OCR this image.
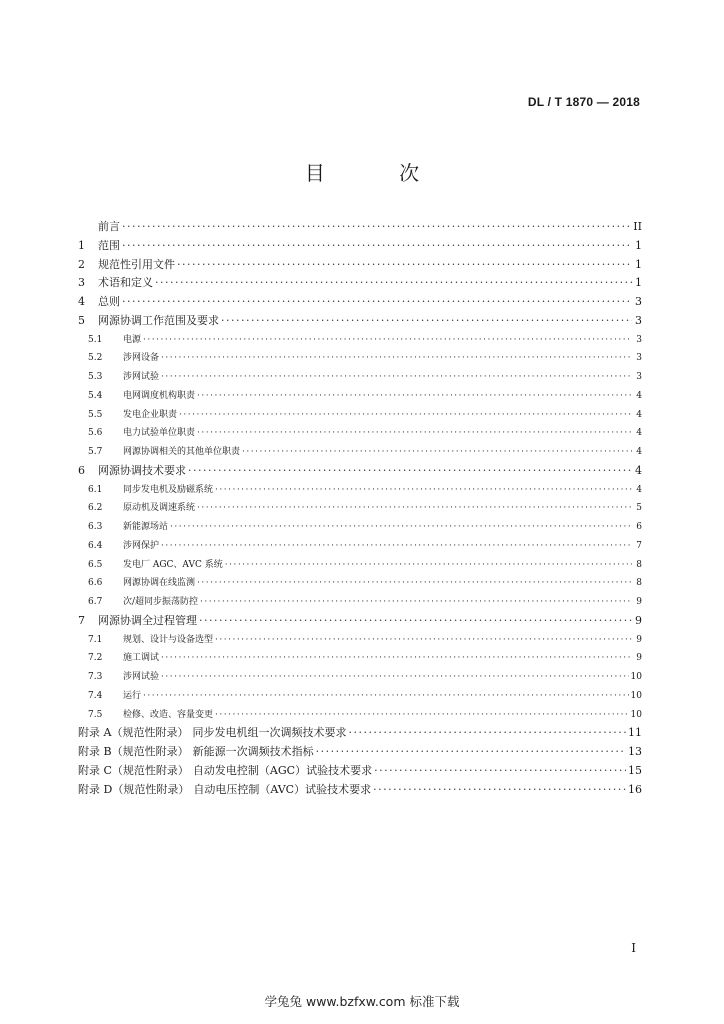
DL / T 1870 — 2018
目 次
前言 ·····	II
1	范围 ·····	1
2	规范性引用文件 ·····	1
3	术语和定义 ·····	1
4	总则 ·····	3
5	网源协调工作范围及要求 ·····	3
5.1	电源 ·····	3
5.2	涉网设备 ·····	3
5.3	涉网试验 ·····	3
5.4	电网调度机构职责 ·····	4
5.5	发电企业职责 ·····	4
5.6	电力试验单位职责 ·····	4
5.7	网源协调相关的其他单位职责 ·····	4
6	网源协调技术要求 ·····	4
6.1	同步发电机及励磁系统 ·····	4
6.2	原动机及调速系统 ·····	5
6.3	新能源场站 ·····	6
6.4	涉网保护 ·····	7
6.5	发电厂 AGC、AVC 系统 ·····	8
6.6	网源协调在线监测 ·····	8
6.7	次/超同步振荡防控 ·····	9
7	网源协调全过程管理 ·····	9
7.1	规划、设计与设备选型 ·····	9
7.2	施工调试 ·····	9
7.3	涉网试验 ·····	10
7.4	运行 ·····	10
7.5	检修、改造、容量变更 ·····	10
附录 A（规范性附录） 同步发电机组一次调频技术要求 ·····	11
附录 B（规范性附录） 新能源一次调频技术指标 ·····	13
附录 C（规范性附录） 自动发电控制（AGC）试验技术要求 ·····	15
附录 D（规范性附录） 自动电压控制（AVC）试验技术要求 ·····	16
I
学兔兔 www.bzfxw.com 标准下载
